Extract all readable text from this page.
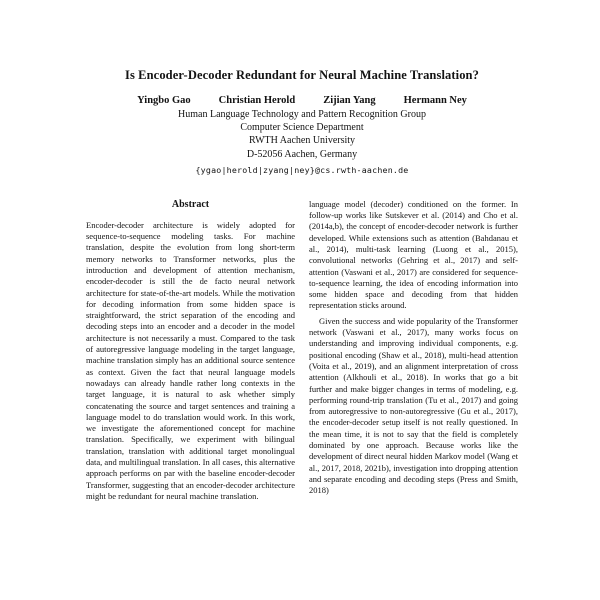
Is Encoder-Decoder Redundant for Neural Machine Translation?
Yingbo Gao	Christian Herold	Zijian Yang	Hermann Ney
Human Language Technology and Pattern Recognition Group
Computer Science Department
RWTH Aachen University
D-52056 Aachen, Germany
{ygao|herold|zyang|ney}@cs.rwth-aachen.de
Abstract

Encoder-decoder architecture is widely adopted for sequence-to-sequence modeling tasks. For machine translation, despite the evolution from long short-term memory networks to Transformer networks, plus the introduction and development of attention mechanism, encoder-decoder is still the de facto neural network architecture for state-of-the-art models. While the motivation for decoding information from some hidden space is straightforward, the strict separation of the encoding and decoding steps into an encoder and a decoder in the model architecture is not necessarily a must. Compared to the task of autoregressive language modeling in the target language, machine translation simply has an additional source sentence as context. Given the fact that neural language models nowadays can already handle rather long contexts in the target language, it is natural to ask whether simply concatenating the source and target sentences and training a language model to do translation would work. In this work, we investigate the aforementioned concept for machine translation. Specifically, we experiment with bilingual translation, translation with additional target monolingual data, and multilingual translation. In all cases, this alternative approach performs on par with the baseline encoder-decoder Transformer, suggesting that an encoder-decoder architecture might be redundant for neural machine translation.

language model (decoder) conditioned on the former. In follow-up works like Sutskever et al. (2014) and Cho et al. (2014a,b), the concept of encoder-decoder network is further developed. While extensions such as attention (Bahdanau et al., 2014), multi-task learning (Luong et al., 2015), convolutional networks (Gehring et al., 2017) and self-attention (Vaswani et al., 2017) are considered for sequence-to-sequence learning, the idea of encoding information into some hidden space and decoding from that hidden representation sticks around.

Given the success and wide popularity of the Transformer network (Vaswani et al., 2017), many works focus on understanding and improving individual components, e.g. positional encoding (Shaw et al., 2018), multi-head attention (Voita et al., 2019), and an alignment interpretation of cross attention (Alkhouli et al., 2018). In works that go a bit further and make bigger changes in terms of modeling, e.g. performing round-trip translation (Tu et al., 2017) and going from autoregressive to non-autoregressive (Gu et al., 2017), the encoder-decoder setup itself is not really questioned. In the mean time, it is not to say that the field is completely dominated by one approach. Because works like the development of direct neural hidden Markov model (Wang et al., 2017, 2018, 2021b), investigation into dropping attention and separate encoding and decoding steps (Press and Smith, 2018)
